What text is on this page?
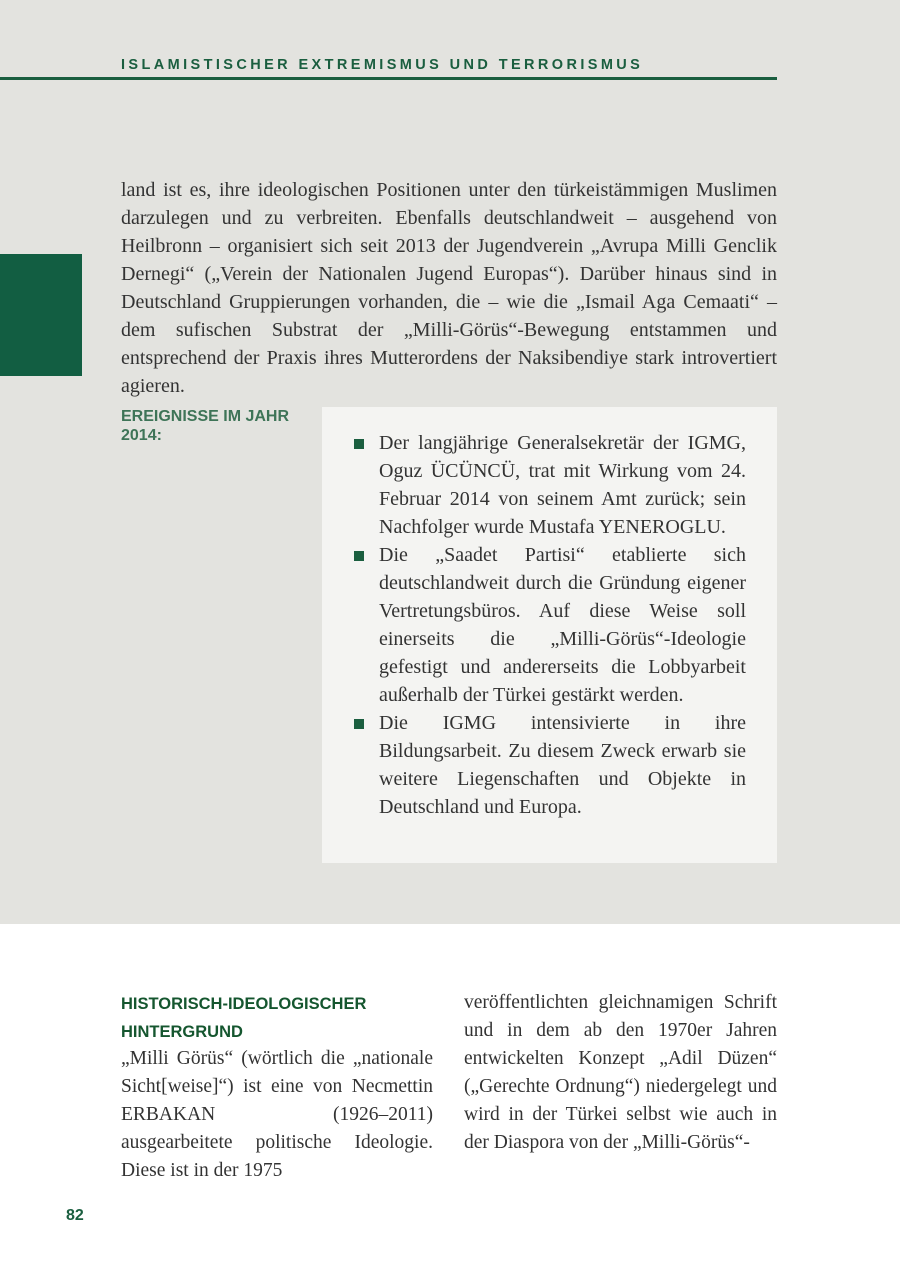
ISLAMISTISCHER EXTREMISMUS UND TERRORISMUS

land ist es, ihre ideologischen Positionen unter den türkeistämmigen Muslimen darzulegen und zu verbreiten. Ebenfalls deutschlandweit – ausgehend von Heilbronn – organisiert sich seit 2013 der Jugendverein „Avrupa Milli Genclik Dernegi“ („Verein der Nationalen Jugend Europas“). Darüber hinaus sind in Deutschland Gruppierungen vorhanden, die – wie die „Ismail Aga Cemaati“ – dem sufischen Substrat der „Milli-Görüs“-Bewegung entstammen und entsprechend der Praxis ihres Mutterordens der Naksibendiye stark introvertiert agieren.

EREIGNISSE IM JAHR 2014:	Der langjährige Generalsekretär der IGMG, Oguz ÜCÜNCÜ, trat mit Wirkung vom 24. Februar 2014 von seinem Amt zurück; sein Nachfolger wurde Mustafa YENEROGLU.
Die „Saadet Partisi“ etablierte sich deutschlandweit durch die Gründung eigener Vertretungsbüros. Auf diese Weise soll einerseits die „Milli-Görüs“-Ideologie gefestigt und andererseits die Lobbyarbeit außerhalb der Türkei gestärkt werden.
Die IGMG intensivierte in ihre Bildungsarbeit. Zu diesem Zweck erwarb sie weitere Liegenschaften und Objekte in Deutschland und Europa.
HISTORISCH-IDEOLOGISCHER HINTERGRUND

„Milli Görüs“ (wörtlich die „nationale Sicht[weise]“) ist eine von Necmettin ERBAKAN (1926–2011) ausgearbeitete politische Ideologie. Diese ist in der 1975

veröffentlichten gleichnamigen Schrift und in dem ab den 1970er Jahren entwickelten Konzept „Adil Düzen“ („Gerechte Ordnung“) niedergelegt und wird in der Türkei selbst wie auch in der Diaspora von der „Milli-Görüs“-

82
